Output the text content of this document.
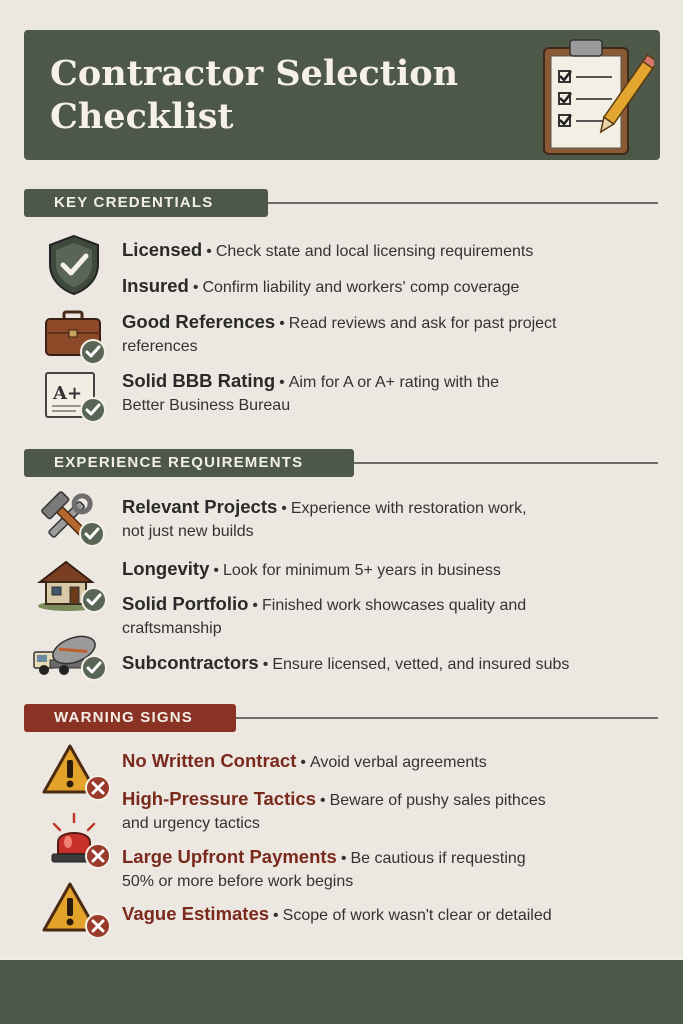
Contractor Selection
Checklist
KEY CREDENTIALS
Licensed • Check state and local licensing requirements
Insured • Confirm liability and workers' comp coverage
Good References • Read reviews and ask for past project
references
A+
Solid BBB Rating • Aim for A or A+ rating with the
Better Business Bureau
EXPERIENCE REQUIREMENTS
Relevant Projects • Experience with restoration work,
not just new builds
Longevity • Look for minimum 5+ years in business
Solid Portfolio • Finished work showcases quality and
craftsmanship
Subcontractors • Ensure licensed, vetted, and insured subs
WARNING SIGNS
No Written Contract • Avoid verbal agreements
High-Pressure Tactics • Beware of pushy sales pithces
and urgency tactics
Large Upfront Payments • Be cautious if requesting
50% or more before work begins
Vague Estimates • Scope of work wasn't clear or detailed
